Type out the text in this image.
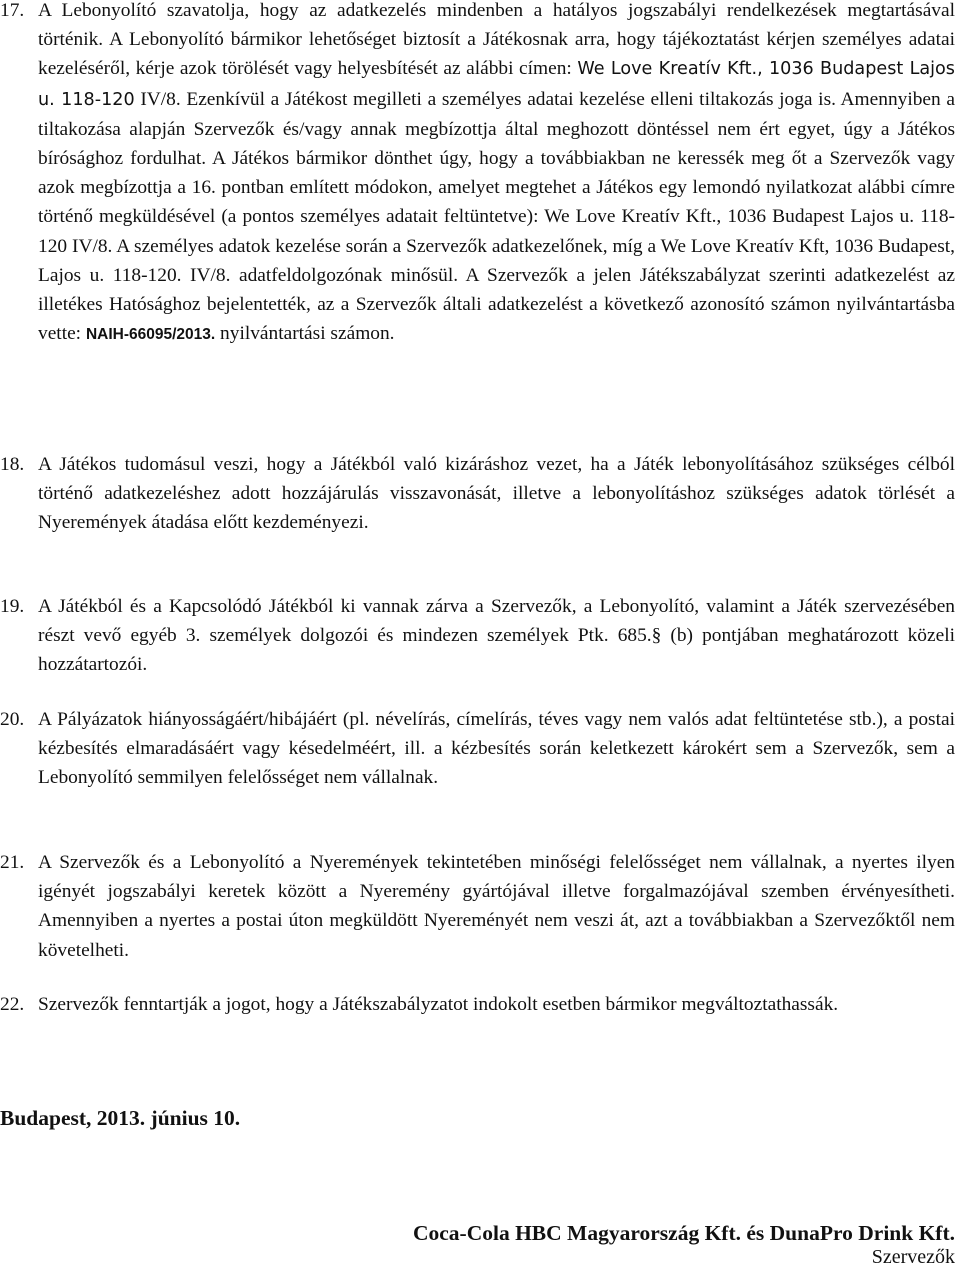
17. A Lebonyolító szavatolja, hogy az adatkezelés mindenben a hatályos jogszabályi rendelkezések megtartásával történik. A Lebonyolító bármikor lehetőséget biztosít a Játékosnak arra, hogy tájékoztatást kérjen személyes adatai kezeléséről, kérje azok törölését vagy helyesbítését az alábbi címen: We Love Kreatív Kft., 1036 Budapest Lajos u. 118-120 IV/8. Ezenkívül a Játékost megilleti a személyes adatai kezelése elleni tiltakozás joga is. Amennyiben a tiltakozása alapján Szervezők és/vagy annak megbízottja által meghozott döntéssel nem ért egyet, úgy a Játékos bírósághoz fordulhat. A Játékos bármikor dönthet úgy, hogy a továbbiakban ne keressék meg őt a Szervezők vagy azok megbízottja a 16. pontban említett módokon, amelyet megtehet a Játékos egy lemondó nyilatkozat alábbi címre történő megküldésével (a pontos személyes adatait feltüntetve): We Love Kreatív Kft., 1036 Budapest Lajos u. 118-120 IV/8. A személyes adatok kezelése során a Szervezők adatkezelőnek, míg a We Love Kreatív Kft, 1036 Budapest, Lajos u. 118-120. IV/8. adatfeldolgozónak minősül. A Szervezők a jelen Játékszabályzat szerinti adatkezelést az illetékes Hatósághoz bejelentették, az a Szervezők általi adatkezelést a következő azonosító számon nyilvántartásba vette: NAIH-66095/2013. nyilvántartási számon.
18. A Játékos tudomásul veszi, hogy a Játékból való kizáráshoz vezet, ha a Játék lebonyolításához szükséges célból történő adatkezeléshez adott hozzájárulás visszavonását, illetve a lebonyolításhoz szükséges adatok törlését a Nyeremények átadása előtt kezdeményezi.
19. A Játékból és a Kapcsolódó Játékból ki vannak zárva a Szervezők, a Lebonyolító, valamint a Játék szervezésében részt vevő egyéb 3. személyek dolgozói és mindezen személyek Ptk. 685.§ (b) pontjában meghatározott közeli hozzátartozói.
20. A Pályázatok hiányosságáért/hibájáért (pl. névelírás, címelírás, téves vagy nem valós adat feltüntetése stb.), a postai kézbesítés elmaradásáért vagy késedelméért, ill. a kézbesítés során keletkezett károkért sem a Szervezők, sem a Lebonyolító semmilyen felelősséget nem vállalnak.
21. A Szervezők és a Lebonyolító a Nyeremények tekintetében minőségi felelősséget nem vállalnak, a nyertes ilyen igényét jogszabályi keretek között a Nyeremény gyártójával illetve forgalmazójával szemben érvényesítheti. Amennyiben a nyertes a postai úton megküldött Nyereményét nem veszi át, azt a továbbiakban a Szervezőktől nem követelheti.
22. Szervezők fenntartják a jogot, hogy a Játékszabályzatot indokolt esetben bármikor megváltoztathassák.
Budapest, 2013. június 10.
Coca-Cola HBC Magyarország Kft. és DunaPro Drink Kft.
Szervezők
